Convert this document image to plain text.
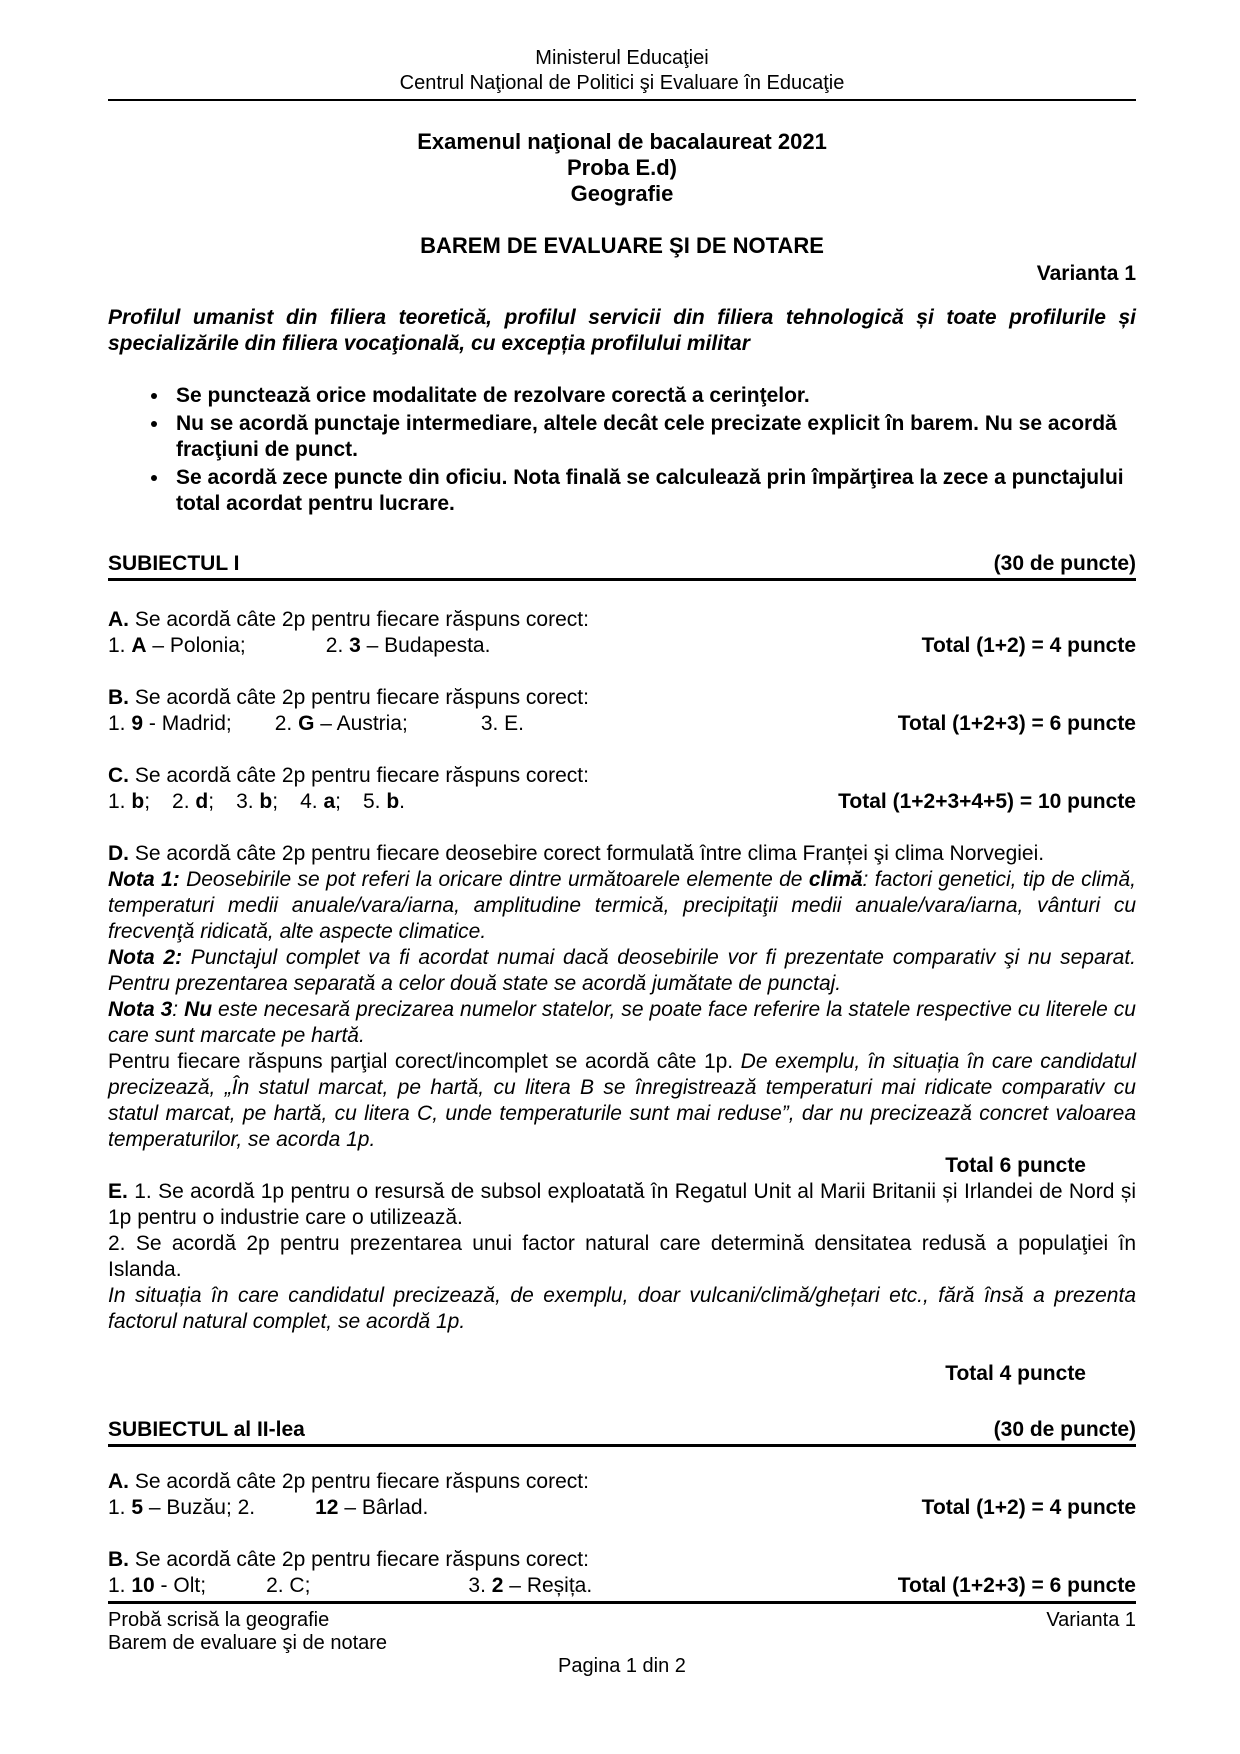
Ministerul Educaţiei
Centrul Naţional de Politici şi Evaluare în Educaţie
Examenul naţional de bacalaureat 2021
Proba E.d)
Geografie
BAREM DE EVALUARE ŞI DE NOTARE
Varianta 1

Profilul umanist din filiera teoretică, profilul servicii din filiera tehnologică și toate profilurile și specializările din filiera vocaţională, cu excepția profilului militar

• Se punctează orice modalitate de rezolvare corectă a cerinţelor.
• Nu se acordă punctaje intermediare, altele decât cele precizate explicit în barem. Nu se acordă fracţiuni de punct.
• Se acordă zece puncte din oficiu. Nota finală se calculează prin împărţirea la zece a punctajului total acordat pentru lucrare.
SUBIECTUL I	(30 de puncte)

A. Se acordă câte 2p pentru fiecare răspuns corect:

1. A – Polonia;	2. 3 – Budapesta.	Total (1+2) = 4 puncte

B. Se acordă câte 2p pentru fiecare răspuns corect:

1. 9 - Madrid; 2. G – Austria;	3. E.	Total (1+2+3) = 6 puncte

C. Se acordă câte 2p pentru fiecare răspuns corect:

1. b; 2. d; 3. b; 4. a; 5. b.	Total (1+2+3+4+5) = 10 puncte

D. Se acordă câte 2p pentru fiecare deosebire corect formulată între clima Franței şi clima Norvegiei.

Nota 1: Deosebirile se pot referi la oricare dintre următoarele elemente de climă: factori genetici, tip de climă, temperaturi medii anuale/vara/iarna, amplitudine termică, precipitaţii medii anuale/vara/iarna, vânturi cu frecvenţă ridicată, alte aspecte climatice.

Nota 2: Punctajul complet va fi acordat numai dacă deosebirile vor fi prezentate comparativ şi nu separat. Pentru prezentarea separată a celor două state se acordă jumătate de punctaj.

Nota 3: Nu este necesară precizarea numelor statelor, se poate face referire la statele respective cu literele cu care sunt marcate pe hartă.

Pentru fiecare răspuns parţial corect/incomplet se acordă câte 1p. De exemplu, în situația în care candidatul precizează, „În statul marcat, pe hartă, cu litera B se înregistrează temperaturi mai ridicate comparativ cu statul marcat, pe hartă, cu litera C, unde temperaturile sunt mai reduse”, dar nu precizează concret valoarea temperaturilor, se acorda 1p.

Total 6 puncte

E. 1. Se acordă 1p pentru o resursă de subsol exploatată în Regatul Unit al Marii Britanii și Irlandei de Nord și 1p pentru o industrie care o utilizează.

2. Se acordă 2p pentru prezentarea unui factor natural care determină densitatea redusă a populaţiei în Islanda.

In situația în care candidatul precizează, de exemplu, doar vulcani/climă/ghețari etc., fără însă a prezenta factorul natural complet, se acordă 1p.

Total 4 puncte

SUBIECTUL al II-lea	(30 de puncte)

A. Se acordă câte 2p pentru fiecare răspuns corect:

1. 5 – Buzău; 2.	12 – Bârlad.	Total (1+2) = 4 puncte

B. Se acordă câte 2p pentru fiecare răspuns corect:

1. 10 - Olt;	2. C;	3. 2 – Reșița.	Total (1+2+3) = 6 puncte
Probă scrisă la geografie	Varianta 1
Barem de evaluare şi de notare
Pagina 1 din 2
